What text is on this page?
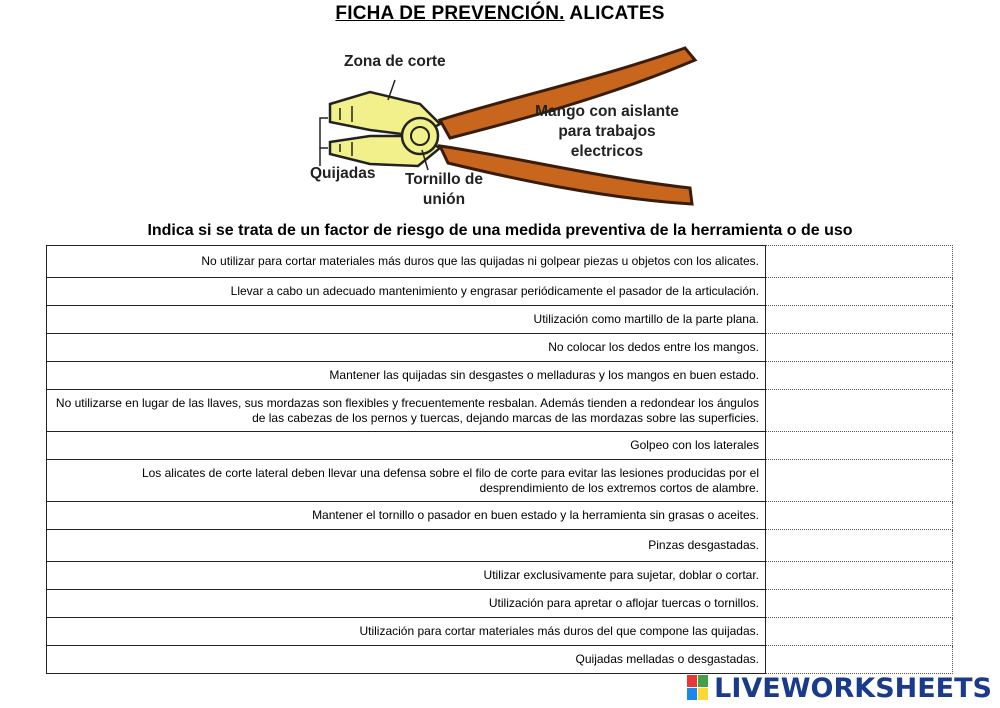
FICHA DE PREVENCIÓN. ALICATES
Zona de corte
Mango con aislante
para trabajos
electricos
Quijadas	Tornillo de
unión
Indica si se trata de un factor de riesgo de una medida preventiva de la herramienta o de uso
No utilizar para cortar materiales más duros que las quijadas ni golpear piezas u objetos con los alicates.	
Llevar a cabo un adecuado mantenimiento y engrasar periódicamente el pasador de la articulación.	
Utilización como martillo de la parte plana.	
No colocar los dedos entre los mangos.	
Mantener las quijadas sin desgastes o melladuras y los mangos en buen estado.	
No utilizarse en lugar de las llaves, sus mordazas son flexibles y frecuentemente resbalan. Además tienden a redondear los ángulos de las cabezas de los pernos y tuercas, dejando marcas de las mordazas sobre las superficies.	
Golpeo con los laterales	
Los alicates de corte lateral deben llevar una defensa sobre el filo de corte para evitar las lesiones producidas por el desprendimiento de los extremos cortos de alambre.	
Mantener el tornillo o pasador en buen estado y la herramienta sin grasas o aceites.	
Pinzas desgastadas.	
Utilizar exclusivamente para sujetar, doblar o cortar.	
Utilización para apretar o aflojar tuercas o tornillos.	
Utilización para cortar materiales más duros del que compone las quijadas.	
Quijadas melladas o desgastadas.	
LIVEWORKSHEETS
